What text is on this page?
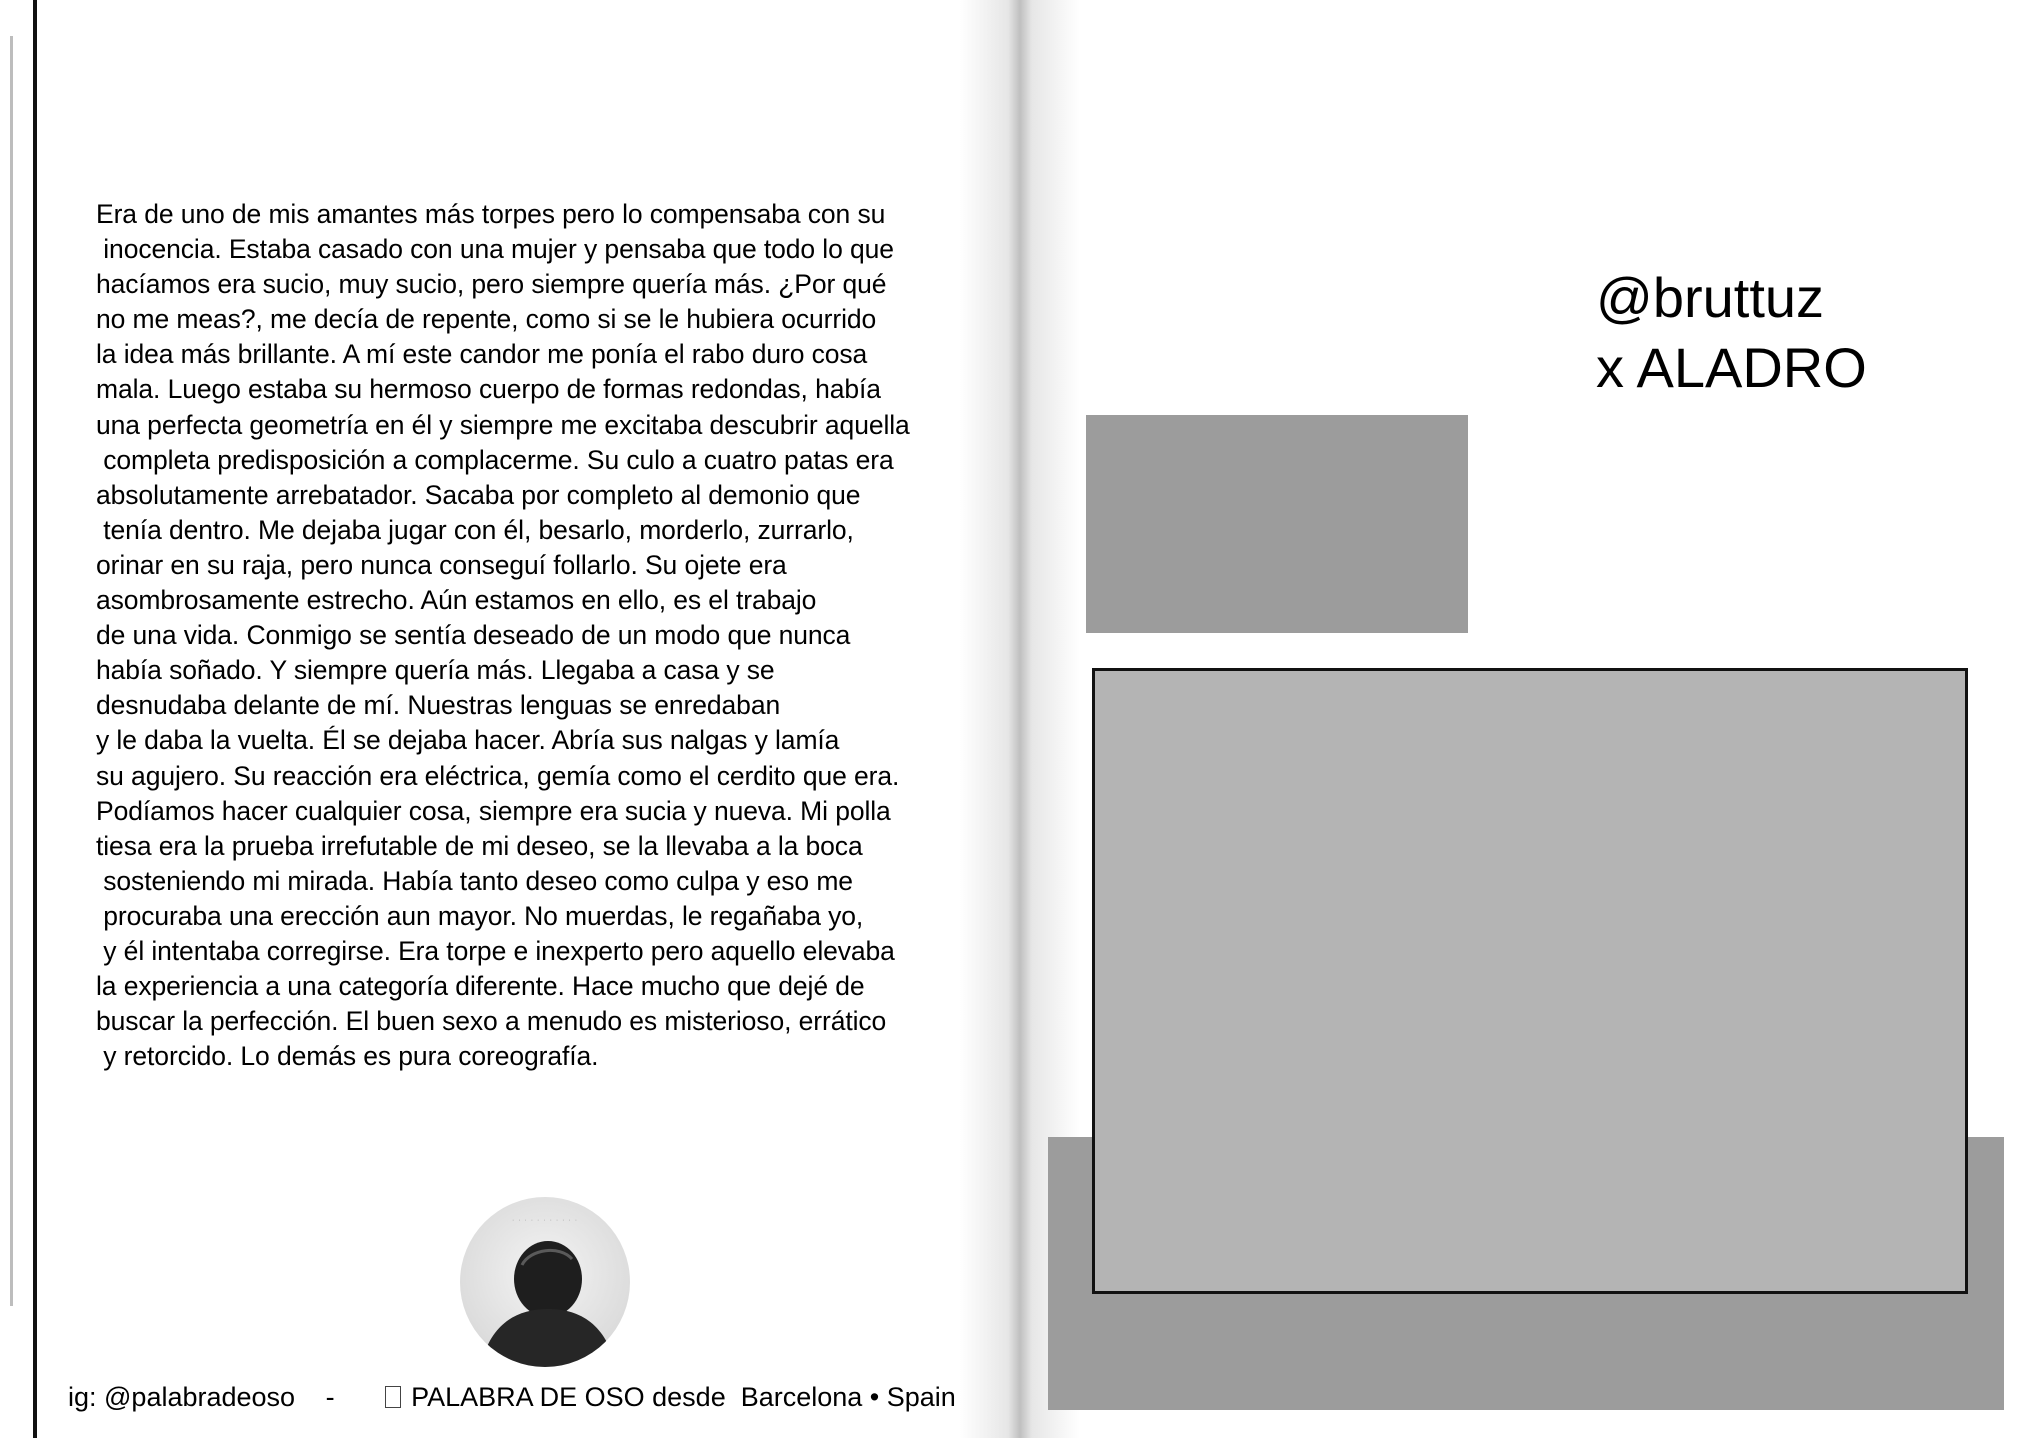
Era de uno de mis amantes más torpes pero lo compensaba con su
inocencia. Estaba casado con una mujer y pensaba que todo lo que
hacíamos era sucio, muy sucio, pero siempre quería más. ¿Por qué
no me meas?, me decía de repente, como si se le hubiera ocurrido
la idea más brillante. A mí este candor me ponía el rabo duro cosa
mala. Luego estaba su hermoso cuerpo de formas redondas, había
una perfecta geometría en él y siempre me excitaba descubrir aquella
completa predisposición a complacerme. Su culo a cuatro patas era
absolutamente arrebatador. Sacaba por completo al demonio que
tenía dentro. Me dejaba jugar con él, besarlo, morderlo, zurrarlo,
orinar en su raja, pero nunca conseguí follarlo. Su ojete era
asombrosamente estrecho. Aún estamos en ello, es el trabajo
de una vida. Conmigo se sentía deseado de un modo que nunca
había soñado. Y siempre quería más. Llegaba a casa y se
desnudaba delante de mí. Nuestras lenguas se enredaban
y le daba la vuelta. Él se dejaba hacer. Abría sus nalgas y lamía
su agujero. Su reacción era eléctrica, gemía como el cerdito que era.
Podíamos hacer cualquier cosa, siempre era sucia y nueva. Mi polla
tiesa era la prueba irrefutable de mi deseo, se la llevaba a la boca
sosteniendo mi mirada. Había tanto deseo como culpa y eso me
procuraba una erección aun mayor. No muerdas, le regañaba yo,
y él intentaba corregirse. Era torpe e inexperto pero aquello elevaba
la experiencia a una categoría diferente. Hace mucho que dejé de
buscar la perfección. El buen sexo a menudo es misterioso, errático
y retorcido. Lo demás es pura coreografía.

· · · · · · · · · · ·
ig: @palabradeoso -	PALABRA DE OSO desde  Barcelona • Spain
@bruttuz
x ALADRO
